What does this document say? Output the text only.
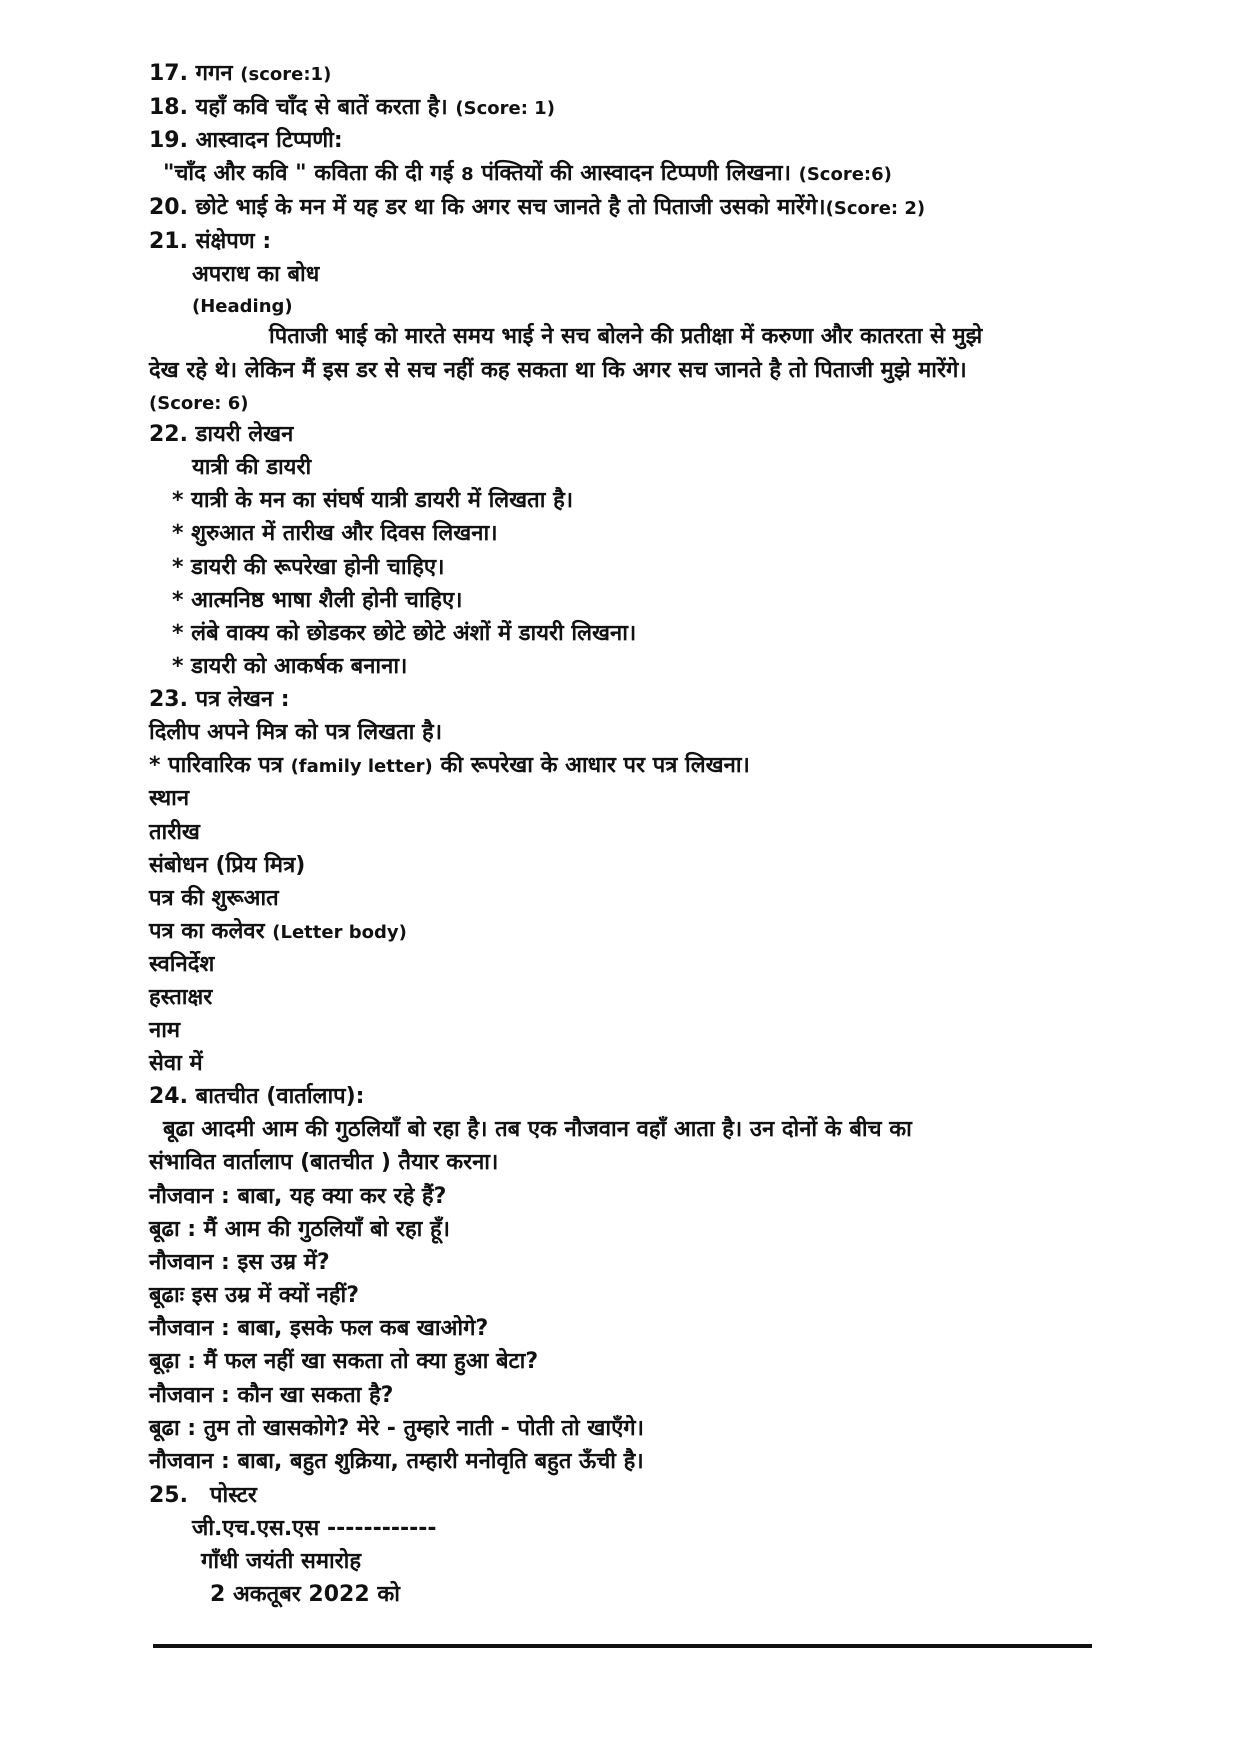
17. गगन (score:1)
18. यहाँ कवि चाँद से बातें करता है। (Score: 1)
19. आस्वादन टिप्पणी:
"चाँद और कवि " कविता की दी गई 8 पंक्तियों की आस्वादन टिप्पणी लिखना। (Score:6)
20. छोटे भाई के मन में यह डर था कि अगर सच जानते है तो पिताजी उसको मारेंगे।(Score: 2)
21. संक्षेपण :
अपराध का बोध
(Heading)
पिताजी भाई को मारते समय भाई ने सच बोलने की प्रतीक्षा में करुणा और कातरता से मुझे
देख रहे थे। लेकिन मैं इस डर से सच नहीं कह सकता था कि अगर सच जानते है तो पिताजी मुझे मारेंगे।
(Score: 6)
22. डायरी लेखन
यात्री की डायरी
* यात्री के मन का संघर्ष यात्री डायरी में लिखता है।
* शुरुआत में तारीख और दिवस लिखना।
* डायरी की रूपरेखा होनी चाहिए।
* आत्मनिष्ठ भाषा शैली होनी चाहिए।
* लंबे वाक्य को छोडकर छोटे छोटे अंशों में डायरी लिखना।
* डायरी को आकर्षक बनाना।
23. पत्र लेखन :
दिलीप अपने मित्र को पत्र लिखता है।
* पारिवारिक पत्र (family letter) की रूपरेखा के आधार पर पत्र लिखना।
स्थान
तारीख
संबोधन (प्रिय मित्र)
पत्र की शुरूआत
पत्र का कलेवर (Letter body)
स्वनिर्देश
हस्ताक्षर
नाम
सेवा में
24. बातचीत (वार्तालाप):
बूढा आदमी आम की गुठलियाँ बो रहा है। तब एक नौजवान वहाँ आता है। उन दोनों के बीच का
संभावित वार्तालाप (बातचीत ) तैयार करना।
नौजवान : बाबा, यह क्या कर रहे हैं?
बूढा : मैं आम की गुठलियाँ बो रहा हूँ।
नौजवान : इस उम्र में?
बूढाः इस उम्र में क्यों नहीं?
नौजवान : बाबा, इसके फल कब खाओगे?
बूढ़ा : मैं फल नहीं खा सकता तो क्या हुआ बेटा?
नौजवान : कौन खा सकता है?
बूढा : तुम तो खासकोगे? मेरे - तुम्हारे नाती - पोती तो खाएँगे।
नौजवान : बाबा, बहुत शुक्रिया, तम्हारी मनोवृति बहुत ऊँची है।
25. पोस्टर
जी.एच.एस.एस ------------
गाँधी जयंती समारोह
2 अकतूबर 2022 को
